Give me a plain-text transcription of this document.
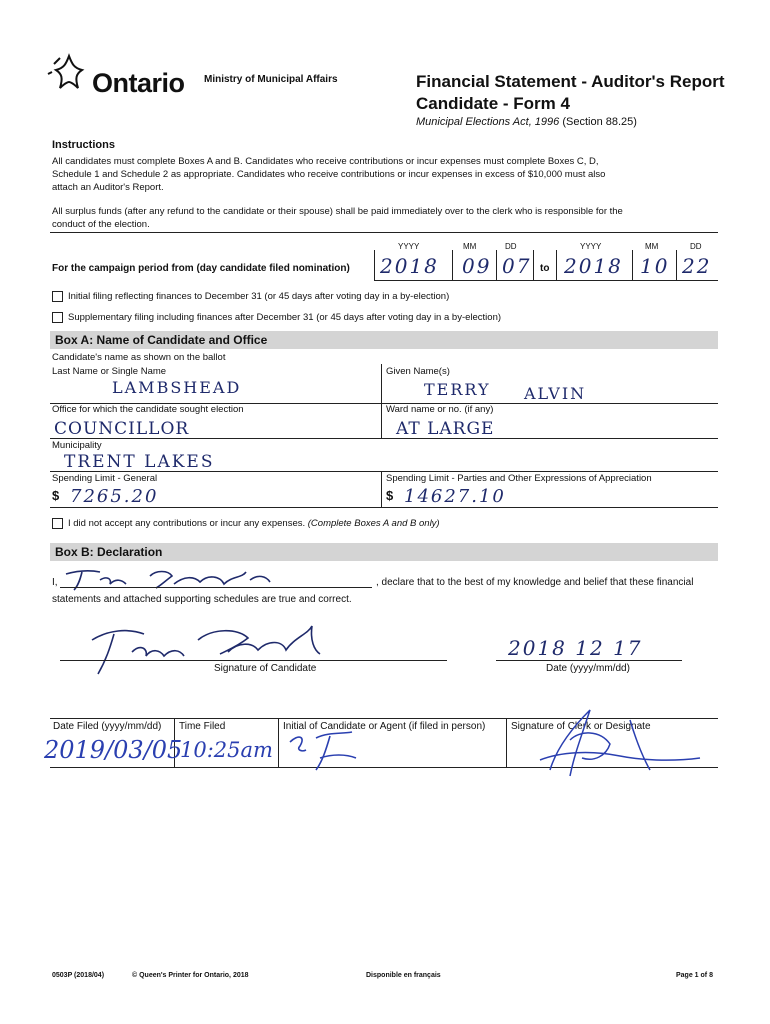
Ontario Ministry of Municipal Affairs	Financial Statement - Auditor's Report
Candidate - Form 4
Municipal Elections Act, 1996 (Section 88.25)
Instructions
All candidates must complete Boxes A and B. Candidates who receive contributions or incur expenses must complete Boxes C, D,
Schedule 1 and Schedule 2 as appropriate. Candidates who receive contributions or incur expenses in excess of $10,000 must also
attach an Auditor's Report.
All surplus funds (after any refund to the candidate or their spouse) shall be paid immediately over to the clerk who is responsible for the
conduct of the election.
YYYY	MM	DD	YYYY	MM	DD
For the campaign period from (day candidate filed nomination) 2018 09 07 to 2018 10 22
Initial filing reflecting finances to December 31 (or 45 days after voting day in a by-election)
Supplementary filing including finances after December 31 (or 45 days after voting day in a by-election)
Box A: Name of Candidate and Office
Candidate's name as shown on the ballot
Last Name or Single Name
LAMBSHEAD
Given Name(s)
TERRY ALVIN
Office for which the candidate sought election
COUNCILLOR
Ward name or no. (if any)
AT LARGE
Municipality
TRENT LAKES
Spending Limit - General
$ 7265.20
Spending Limit - Parties and Other Expressions of Appreciation
$ 14627.10
I did not accept any contributions or incur any expenses. (Complete Boxes A and B only)
Box B: Declaration
I,	, declare that to the best of my knowledge and belief that these financial
statements and attached supporting schedules are true and correct.
Signature of Candidate
2018 12 17
Date (yyyy/mm/dd)
Date Filed (yyyy/mm/dd) Time Filed	Initial of Candidate or Agent (if filed in person)	Signature of Clerk or Designate
2019/03/05
10:25am
0503P (2018/04)	© Queen's Printer for Ontario, 2018	Disponible en français	Page 1 of 8
